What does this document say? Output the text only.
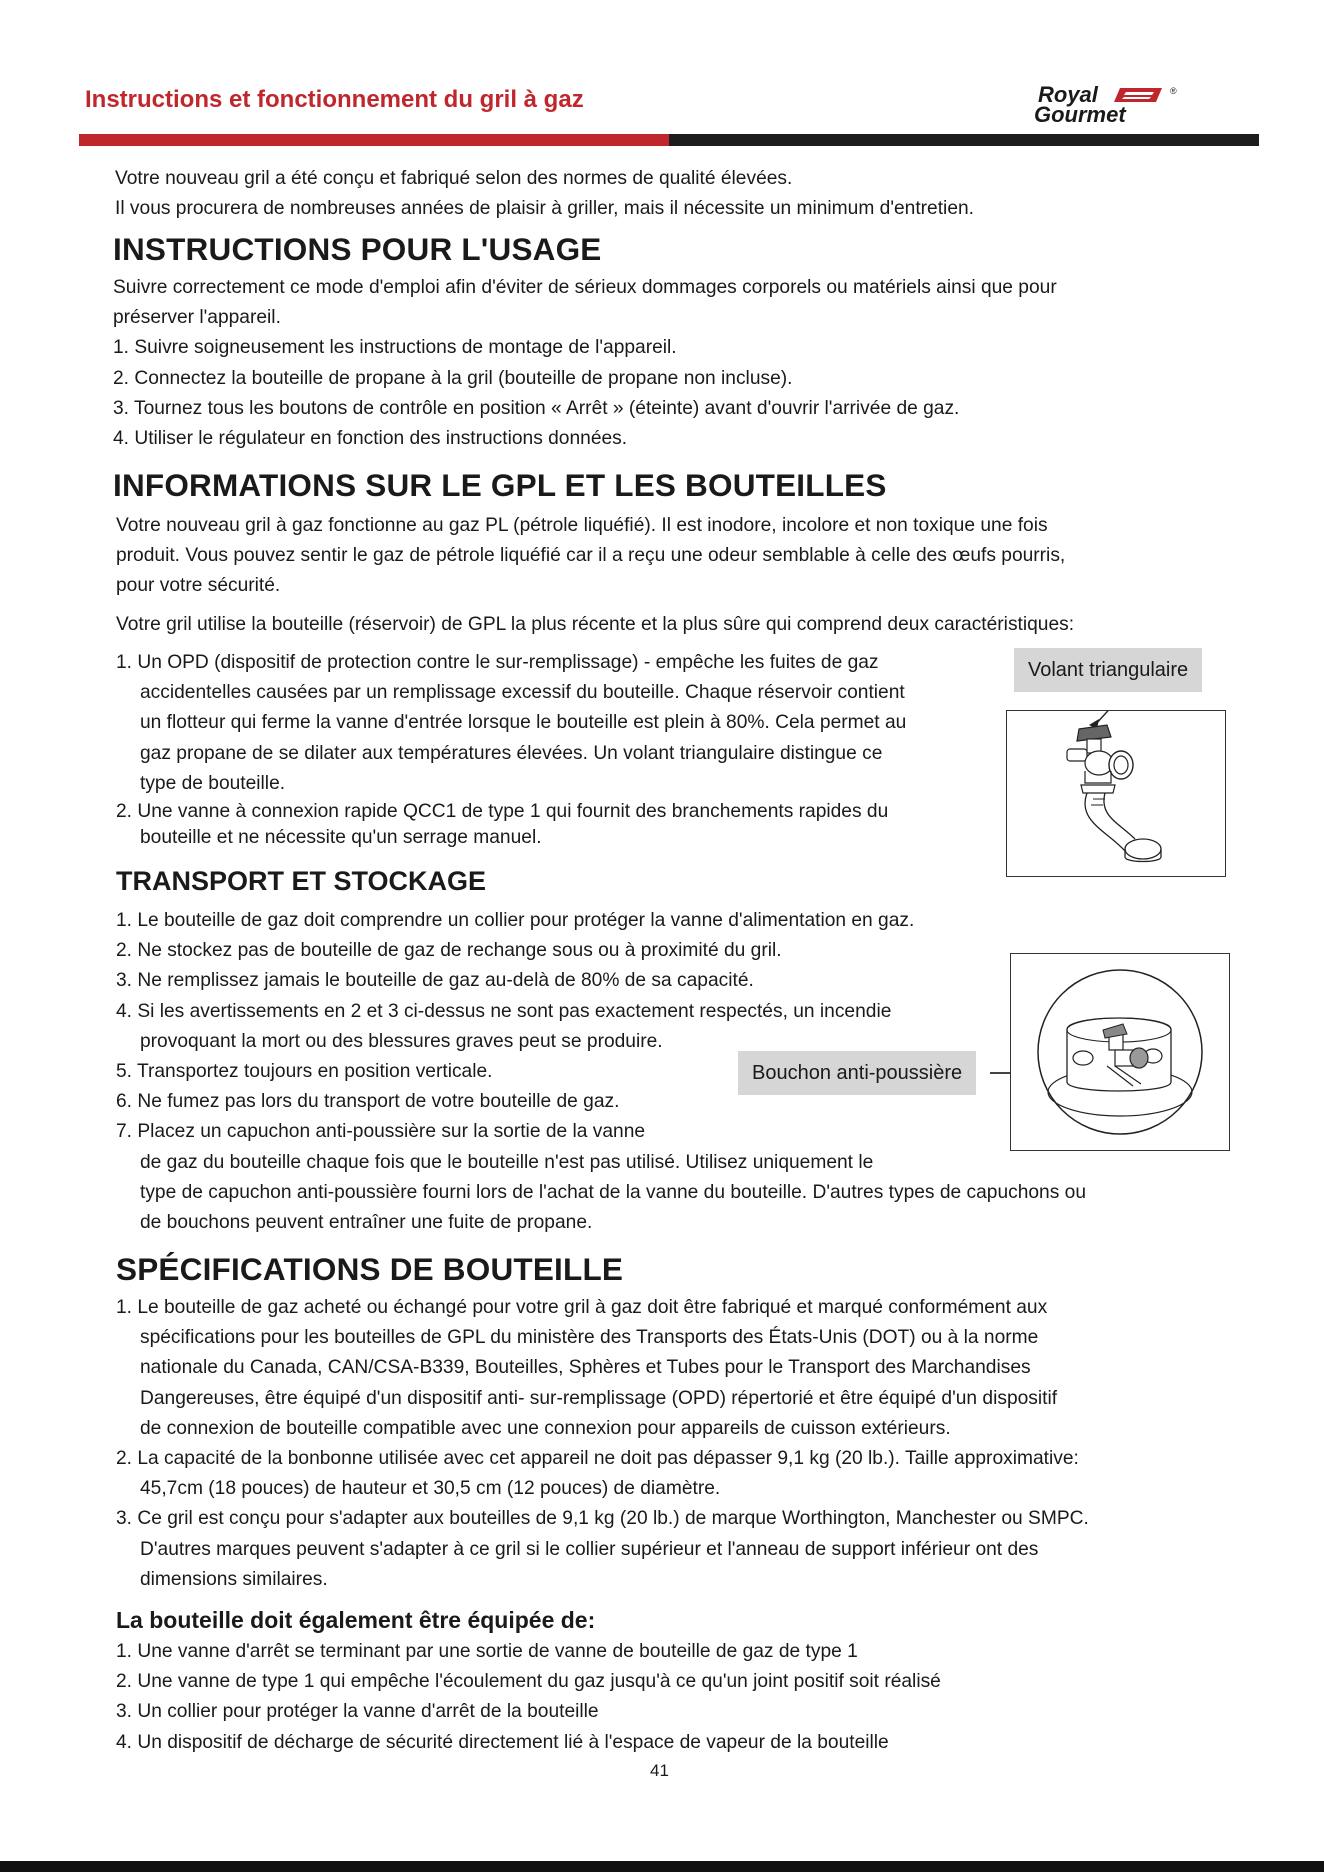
Instructions et fonctionnement du gril à gaz	Royal	®
Gourmet
Votre nouveau gril a été conçu et fabriqué selon des normes de qualité élevées.
Il vous procurera de nombreuses années de plaisir à griller, mais il nécessite un minimum d'entretien.
INSTRUCTIONS POUR L'USAGE
Suivre correctement ce mode d'emploi afin d'éviter de sérieux dommages corporels ou matériels ainsi que pour
préserver l'appareil.
1. Suivre soigneusement les instructions de montage de l'appareil.
2. Connectez la bouteille de propane à la gril (bouteille de propane non incluse).
3. Tournez tous les boutons de contrôle en position « Arrêt » (éteinte) avant d'ouvrir l'arrivée de gaz.
4. Utiliser le régulateur en fonction des instructions données.
INFORMATIONS SUR LE GPL ET LES BOUTEILLES
Votre nouveau gril à gaz fonctionne au gaz PL (pétrole liquéfié). Il est inodore, incolore et non toxique une fois
produit. Vous pouvez sentir le gaz de pétrole liquéfié car il a reçu une odeur semblable à celle des œufs pourris,
pour votre sécurité.
Votre gril utilise la bouteille (réservoir) de GPL la plus récente et la plus sûre qui comprend deux caractéristiques:
1. Un OPD (dispositif de protection contre le sur-remplissage) - empêche les fuites de gaz
accidentelles causées par un remplissage excessif du bouteille. Chaque réservoir contient
un flotteur qui ferme la vanne d'entrée lorsque le bouteille est plein à 80%. Cela permet au
gaz propane de se dilater aux températures élevées. Un volant triangulaire distingue ce
type de bouteille.
2. Une vanne à connexion rapide QCC1 de type 1 qui fournit des branchements rapides du
bouteille et ne nécessite qu'un serrage manuel.
Volant triangulaire
TRANSPORT ET STOCKAGE
1. Le bouteille de gaz doit comprendre un collier pour protéger la vanne d'alimentation en gaz.
2. Ne stockez pas de bouteille de gaz de rechange sous ou à proximité du gril.
3. Ne remplissez jamais le bouteille de gaz au-delà de 80% de sa capacité.
4. Si les avertissements en 2 et 3 ci-dessus ne sont pas exactement respectés, un incendie
provoquant la mort ou des blessures graves peut se produire.
5. Transportez toujours en position verticale.
6. Ne fumez pas lors du transport de votre bouteille de gaz.
7. Placez un capuchon anti-poussière sur la sortie de la vanne
de gaz du bouteille chaque fois que le bouteille n'est pas utilisé. Utilisez uniquement le
type de capuchon anti-poussière fourni lors de l'achat de la vanne du bouteille. D'autres types de capuchons ou
de bouchons peuvent entraîner une fuite de propane.
Bouchon anti-poussière
SPÉCIFICATIONS DE BOUTEILLE
1. Le bouteille de gaz acheté ou échangé pour votre gril à gaz doit être fabriqué et marqué conformément aux
spécifications pour les bouteilles de GPL du ministère des Transports des États-Unis (DOT) ou à la norme
nationale du Canada, CAN/CSA-B339, Bouteilles, Sphères et Tubes pour le Transport des Marchandises
Dangereuses, être équipé d'un dispositif anti- sur-remplissage (OPD) répertorié et être équipé d'un dispositif
de connexion de bouteille compatible avec une connexion pour appareils de cuisson extérieurs.
2. La capacité de la bonbonne utilisée avec cet appareil ne doit pas dépasser 9,1 kg (20 lb.). Taille approximative:
45,7cm (18 pouces) de hauteur et 30,5 cm (12 pouces) de diamètre.
3. Ce gril est conçu pour s'adapter aux bouteilles de 9,1 kg (20 lb.) de marque Worthington, Manchester ou SMPC.
D'autres marques peuvent s'adapter à ce gril si le collier supérieur et l'anneau de support inférieur ont des
dimensions similaires.
La bouteille doit également être équipée de:
1. Une vanne d'arrêt se terminant par une sortie de vanne de bouteille de gaz de type 1
2. Une vanne de type 1 qui empêche l'écoulement du gaz jusqu'à ce qu'un joint positif soit réalisé
3. Un collier pour protéger la vanne d'arrêt de la bouteille
4. Un dispositif de décharge de sécurité directement lié à l'espace de vapeur de la bouteille
41
